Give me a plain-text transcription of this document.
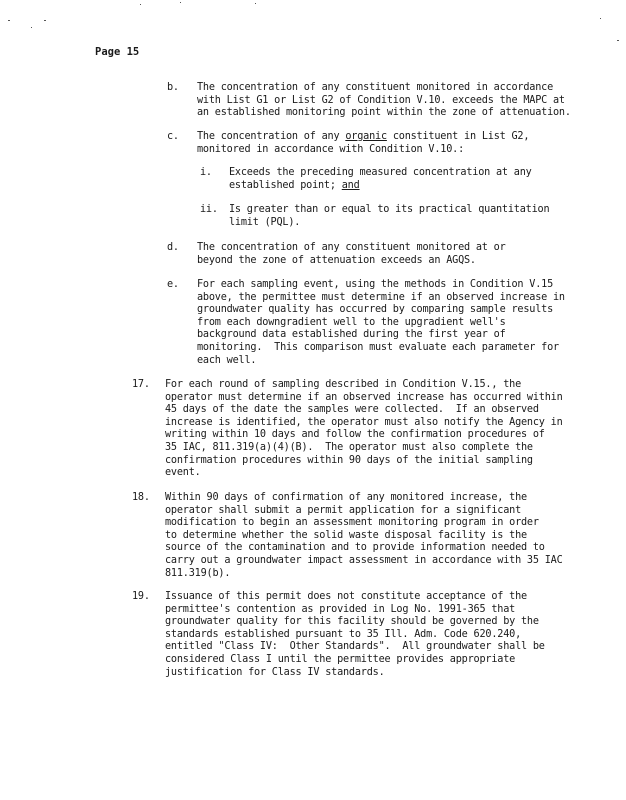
Page 15
b. The concentration of any constituent monitored in accordance
with List G1 or List G2 of Condition V.10. exceeds the MAPC at
an established monitoring point within the zone of attenuation.
c. The concentration of any organic constituent in List G2,
monitored in accordance with Condition V.10.:
i. Exceeds the preceding measured concentration at any
established point; and
ii. Is greater than or equal to its practical quantitation
limit (PQL).
d. The concentration of any constituent monitored at or
beyond the zone of attenuation exceeds an AGQS.
e. For each sampling event, using the methods in Condition V.15
above, the permittee must determine if an observed increase in
groundwater quality has occurred by comparing sample results
from each downgradient well to the upgradient well's
background data established during the first year of
monitoring.  This comparison must evaluate each parameter for
each well.
17. For each round of sampling described in Condition V.15., the
operator must determine if an observed increase has occurred within
45 days of the date the samples were collected.  If an observed
increase is identified, the operator must also notify the Agency in
writing within 10 days and follow the confirmation procedures of
35 IAC, 811.319(a)(4)(B).  The operator must also complete the
confirmation procedures within 90 days of the initial sampling
event.
18. Within 90 days of confirmation of any monitored increase, the
operator shall submit a permit application for a significant
modification to begin an assessment monitoring program in order
to determine whether the solid waste disposal facility is the
source of the contamination and to provide information needed to
carry out a groundwater impact assessment in accordance with 35 IAC
811.319(b).
19. Issuance of this permit does not constitute acceptance of the
permittee's contention as provided in Log No. 1991-365 that
groundwater quality for this facility should be governed by the
standards established pursuant to 35 Ill. Adm. Code 620.240,
entitled "Class IV:  Other Standards".  All groundwater shall be
considered Class I until the permittee provides appropriate
justification for Class IV standards.
